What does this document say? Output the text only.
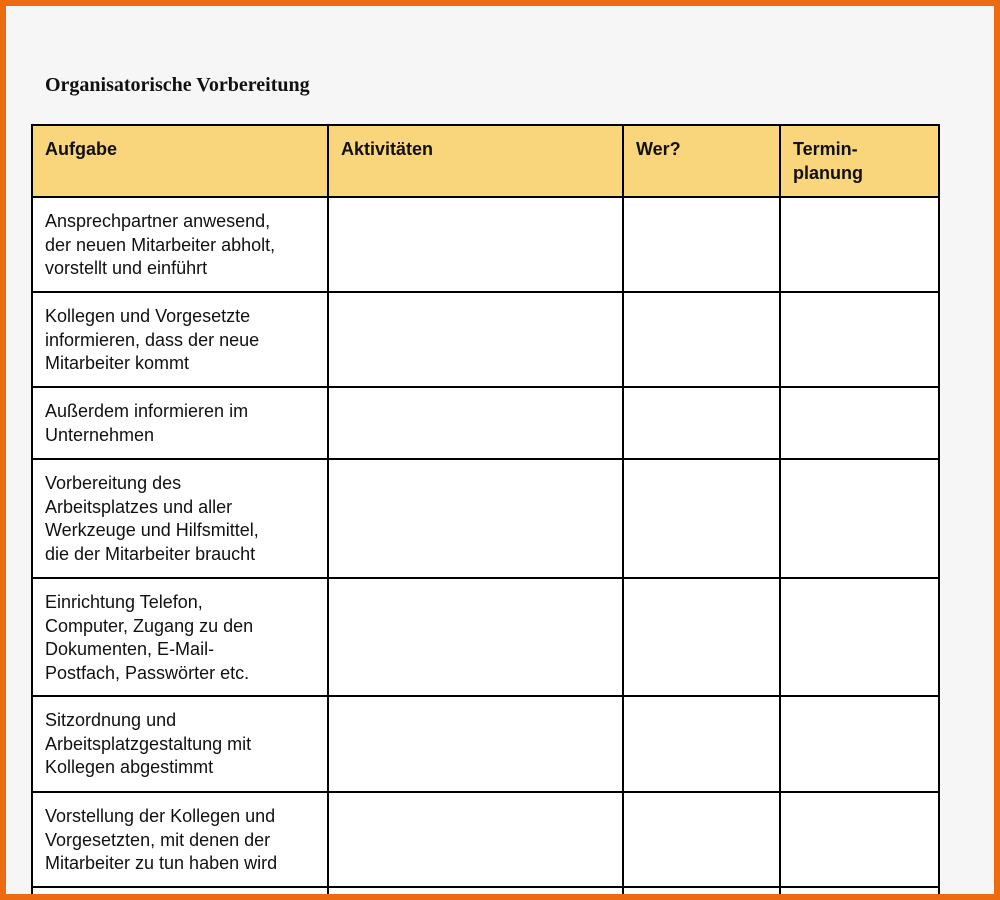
Organisatorische Vorbereitung
Aufgabe	Aktivitäten	Wer?	Termin-
planung

Ansprechpartner anwesend,
der neuen Mitarbeiter abholt,
vorstellt und einführt			

Kollegen und Vorgesetzte
informieren, dass der neue
Mitarbeiter kommt			

Außerdem informieren im
Unternehmen			

Vorbereitung des
Arbeitsplatzes und aller
Werkzeuge und Hilfsmittel,
die der Mitarbeiter braucht			

Einrichtung Telefon,
Computer, Zugang zu den
Dokumenten, E-Mail-
Postfach, Passwörter etc.			

Sitzordnung und
Arbeitsplatzgestaltung mit
Kollegen abgestimmt			

Vorstellung der Kollegen und
Vorgesetzten, mit denen der
Mitarbeiter zu tun haben wird			
